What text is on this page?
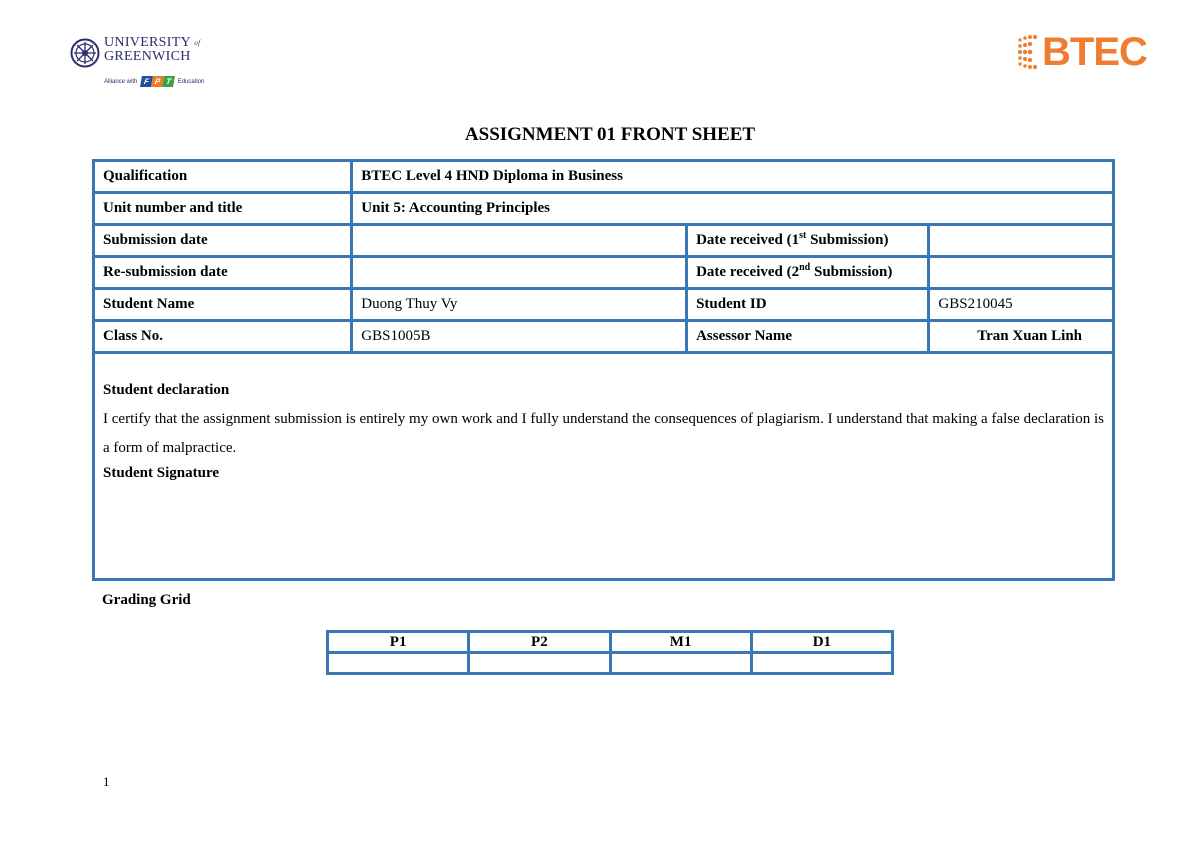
UNIVERSITY $^{of}$
GREENWICH
Alliance with F P T Education
BTEC
ASSIGNMENT 01 FRONT SHEET
Qualification	BTEC Level 4 HND Diploma in Business		
Unit number and title	Unit 5: Accounting Principles		
Submission date		Date received (1st Submission)	
Re-submission date		Date received (2nd Submission)	
Student Name	Duong Thuy Vy	Student ID	GBS210045
Class No.	GBS1005B	Assessor Name	Tran Xuan Linh

Student declaration
I certify that the assignment submission is entirely my own work and I fully understand the consequences of plagiarism. I understand that making a false declaration is a form of malpractice.
Student Signature			
Grading Grid
P1	P2	M1	D1

1
